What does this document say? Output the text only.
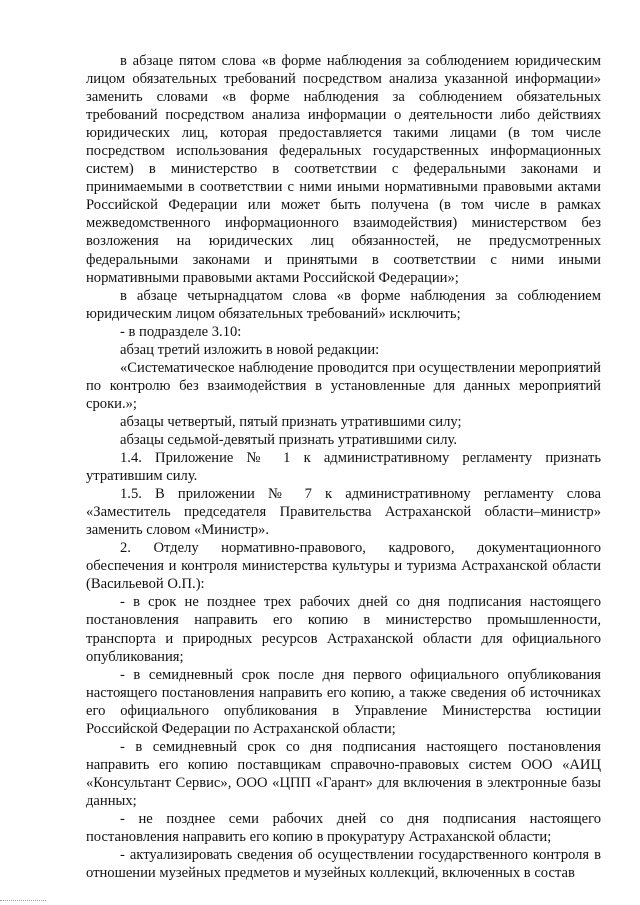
в абзаце пятом слова «в форме наблюдения за соблюдением юридическим лицом обязательных требований посредством анализа указанной информации» заменить словами «в форме наблюдения за соблюдением обязательных требований посредством анализа информации о деятельности либо действиях юридических лиц, которая предоставляется такими лицами (в том числе посредством использования федеральных государственных информационных систем) в министерство в соответствии с федеральными законами и принимаемыми в соответствии с ними иными нормативными правовыми актами Российской Федерации или может быть получена (в том числе в рамках межведомственного информационного взаимодействия) министерством без возложения на юридических лиц обязанностей, не предусмотренных федеральными законами и принятыми в соответствии с ними иными нормативными правовыми актами Российской Федерации»;

в абзаце четырнадцатом слова «в форме наблюдения за соблюдением юридическим лицом обязательных требований» исключить;

- в подразделе 3.10:

абзац третий изложить в новой редакции:

«Систематическое наблюдение проводится при осуществлении мероприятий по контролю без взаимодействия в установленные для данных мероприятий сроки.»;

абзацы четвертый, пятый признать утратившими силу;

абзацы седьмой-девятый признать утратившими силу.

1.4. Приложение № 1 к административному регламенту признать утратившим силу.

1.5. В приложении № 7 к административному регламенту слова «Заместитель председателя Правительства Астраханской области–министр» заменить словом «Министр».

2. Отделу нормативно-правового, кадрового, документационного обеспечения и контроля министерства культуры и туризма Астраханской области (Васильевой О.П.):

- в срок не позднее трех рабочих дней со дня подписания настоящего постановления направить его копию в министерство промышленности, транспорта и природных ресурсов Астраханской области для официального опубликования;

- в семидневный срок после дня первого официального опубликования настоящего постановления направить его копию, а также сведения об источниках его официального опубликования в Управление Министерства юстиции Российской Федерации по Астраханской области;

- в семидневный срок со дня подписания настоящего постановления направить его копию поставщикам справочно-правовых систем ООО «АИЦ «Консультант Сервис», ООО «ЦПП «Гарант» для включения в электронные базы данных;

- не позднее семи рабочих дней со дня подписания настоящего постановления направить его копию в прокуратуру Астраханской области;

- актуализировать сведения об осуществлении государственного контроля в отношении музейных предметов и музейных коллекций, включенных в состав
